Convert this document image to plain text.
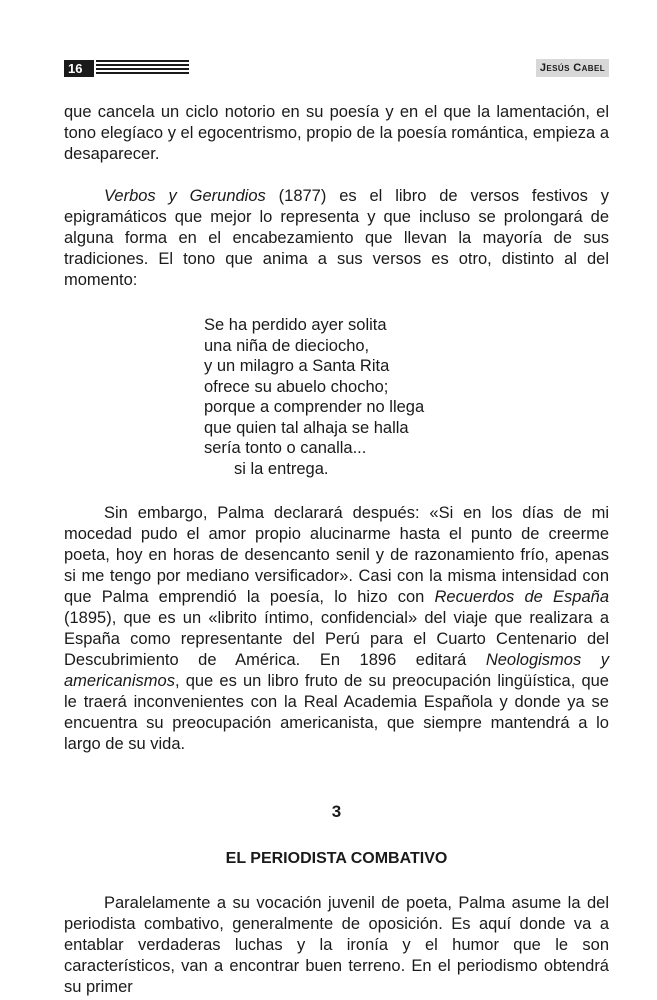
16	Jesús Cabel

que cancela un ciclo notorio en su poesía y en el que la lamentación, el tono elegíaco y el egocentrismo, propio de la poesía romántica, empieza a desaparecer.

Verbos y Gerundios (1877) es el libro de versos festivos y epigramáticos que mejor lo representa y que incluso se prolongará de alguna forma en el encabezamiento que llevan la mayoría de sus tradiciones. El tono que anima a sus versos es otro, distinto al del momento:

Se ha perdido ayer solita
una niña de dieciocho,
y un milagro a Santa Rita
ofrece su abuelo chocho;
porque a comprender no llega
que quien tal alhaja se halla
sería tonto o canalla...
si la entrega.

Sin embargo, Palma declarará después: «Si en los días de mi mocedad pudo el amor propio alucinarme hasta el punto de creerme poeta, hoy en horas de desencanto senil y de razonamiento frío, apenas si me tengo por mediano versificador». Casi con la misma intensidad con que Palma emprendió la poesía, lo hizo con Recuerdos de España (1895), que es un «librito íntimo, confidencial» del viaje que realizara a España como representante del Perú para el Cuarto Centenario del Descubrimiento de América. En 1896 editará Neologismos y americanismos, que es un libro fruto de su preocupación lingüística, que le traerá inconvenientes con la Real Academia Española y donde ya se encuentra su preocupación americanista, que siempre mantendrá a lo largo de su vida.

3
EL PERIODISTA COMBATIVO

Paralelamente a su vocación juvenil de poeta, Palma asume la del periodista combativo, generalmente de oposición. Es aquí donde va a entablar verdaderas luchas y la ironía y el humor que le son característicos, van a encontrar buen terreno. En el periodismo obtendrá su primer
